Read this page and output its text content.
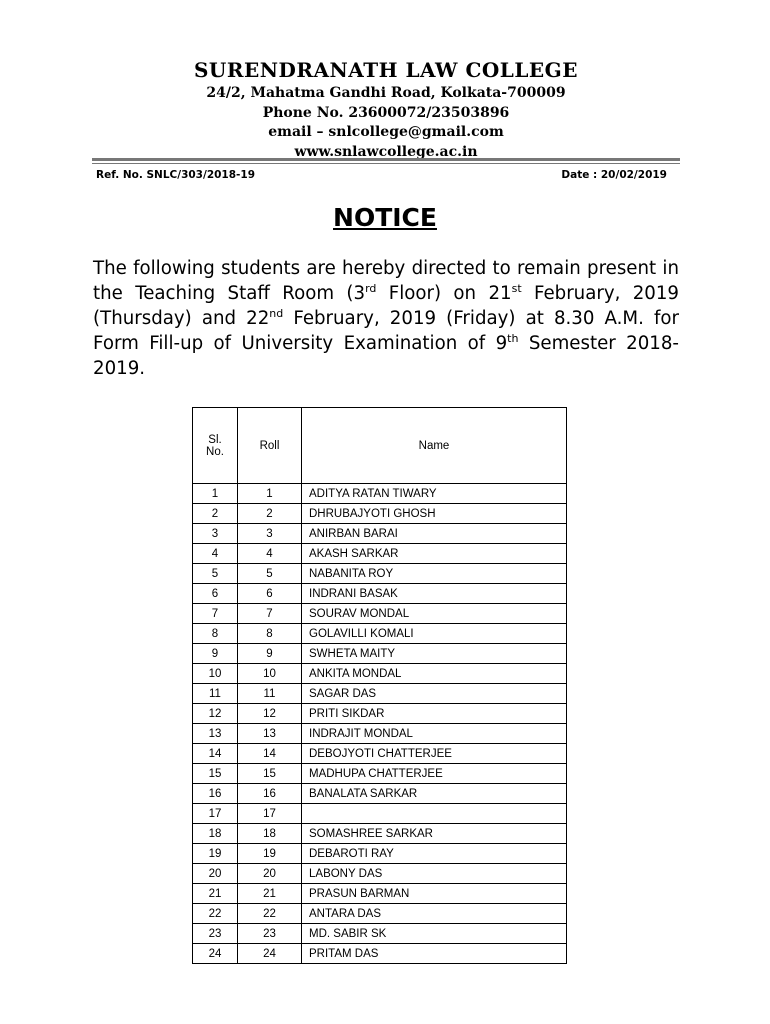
SURENDRANATH LAW COLLEGE
24/2, Mahatma Gandhi Road, Kolkata-700009
Phone No. 23600072/23503896
email – snlcollege@gmail.com
www.snlawcollege.ac.in
Ref. No. SNLC/303/2018-19	Date : 20/02/2019
NOTICE
The following students are hereby directed to remain present in the Teaching Staff Room (3rd Floor) on 21st February, 2019 (Thursday) and 22nd February, 2019 (Friday) at 8.30 A.M. for Form Fill-up of University Examination of 9th Semester 2018-2019.
Sl.
No.	Roll	Name
1	1	ADITYA RATAN TIWARY
2	2	DHRUBAJYOTI GHOSH
3	3	ANIRBAN BARAI
4	4	AKASH SARKAR
5	5	NABANITA ROY
6	6	INDRANI BASAK
7	7	SOURAV MONDAL
8	8	GOLAVILLI KOMALI
9	9	SWHETA MAITY
10	10	ANKITA MONDAL
11	11	SAGAR DAS
12	12	PRITI SIKDAR
13	13	INDRAJIT MONDAL
14	14	DEBOJYOTI CHATTERJEE
15	15	MADHUPA CHATTERJEE
16	16	BANALATA SARKAR
17	17	
18	18	SOMASHREE SARKAR
19	19	DEBAROTI RAY
20	20	LABONY DAS
21	21	PRASUN BARMAN
22	22	ANTARA DAS
23	23	MD. SABIR SK
24	24	PRITAM DAS
